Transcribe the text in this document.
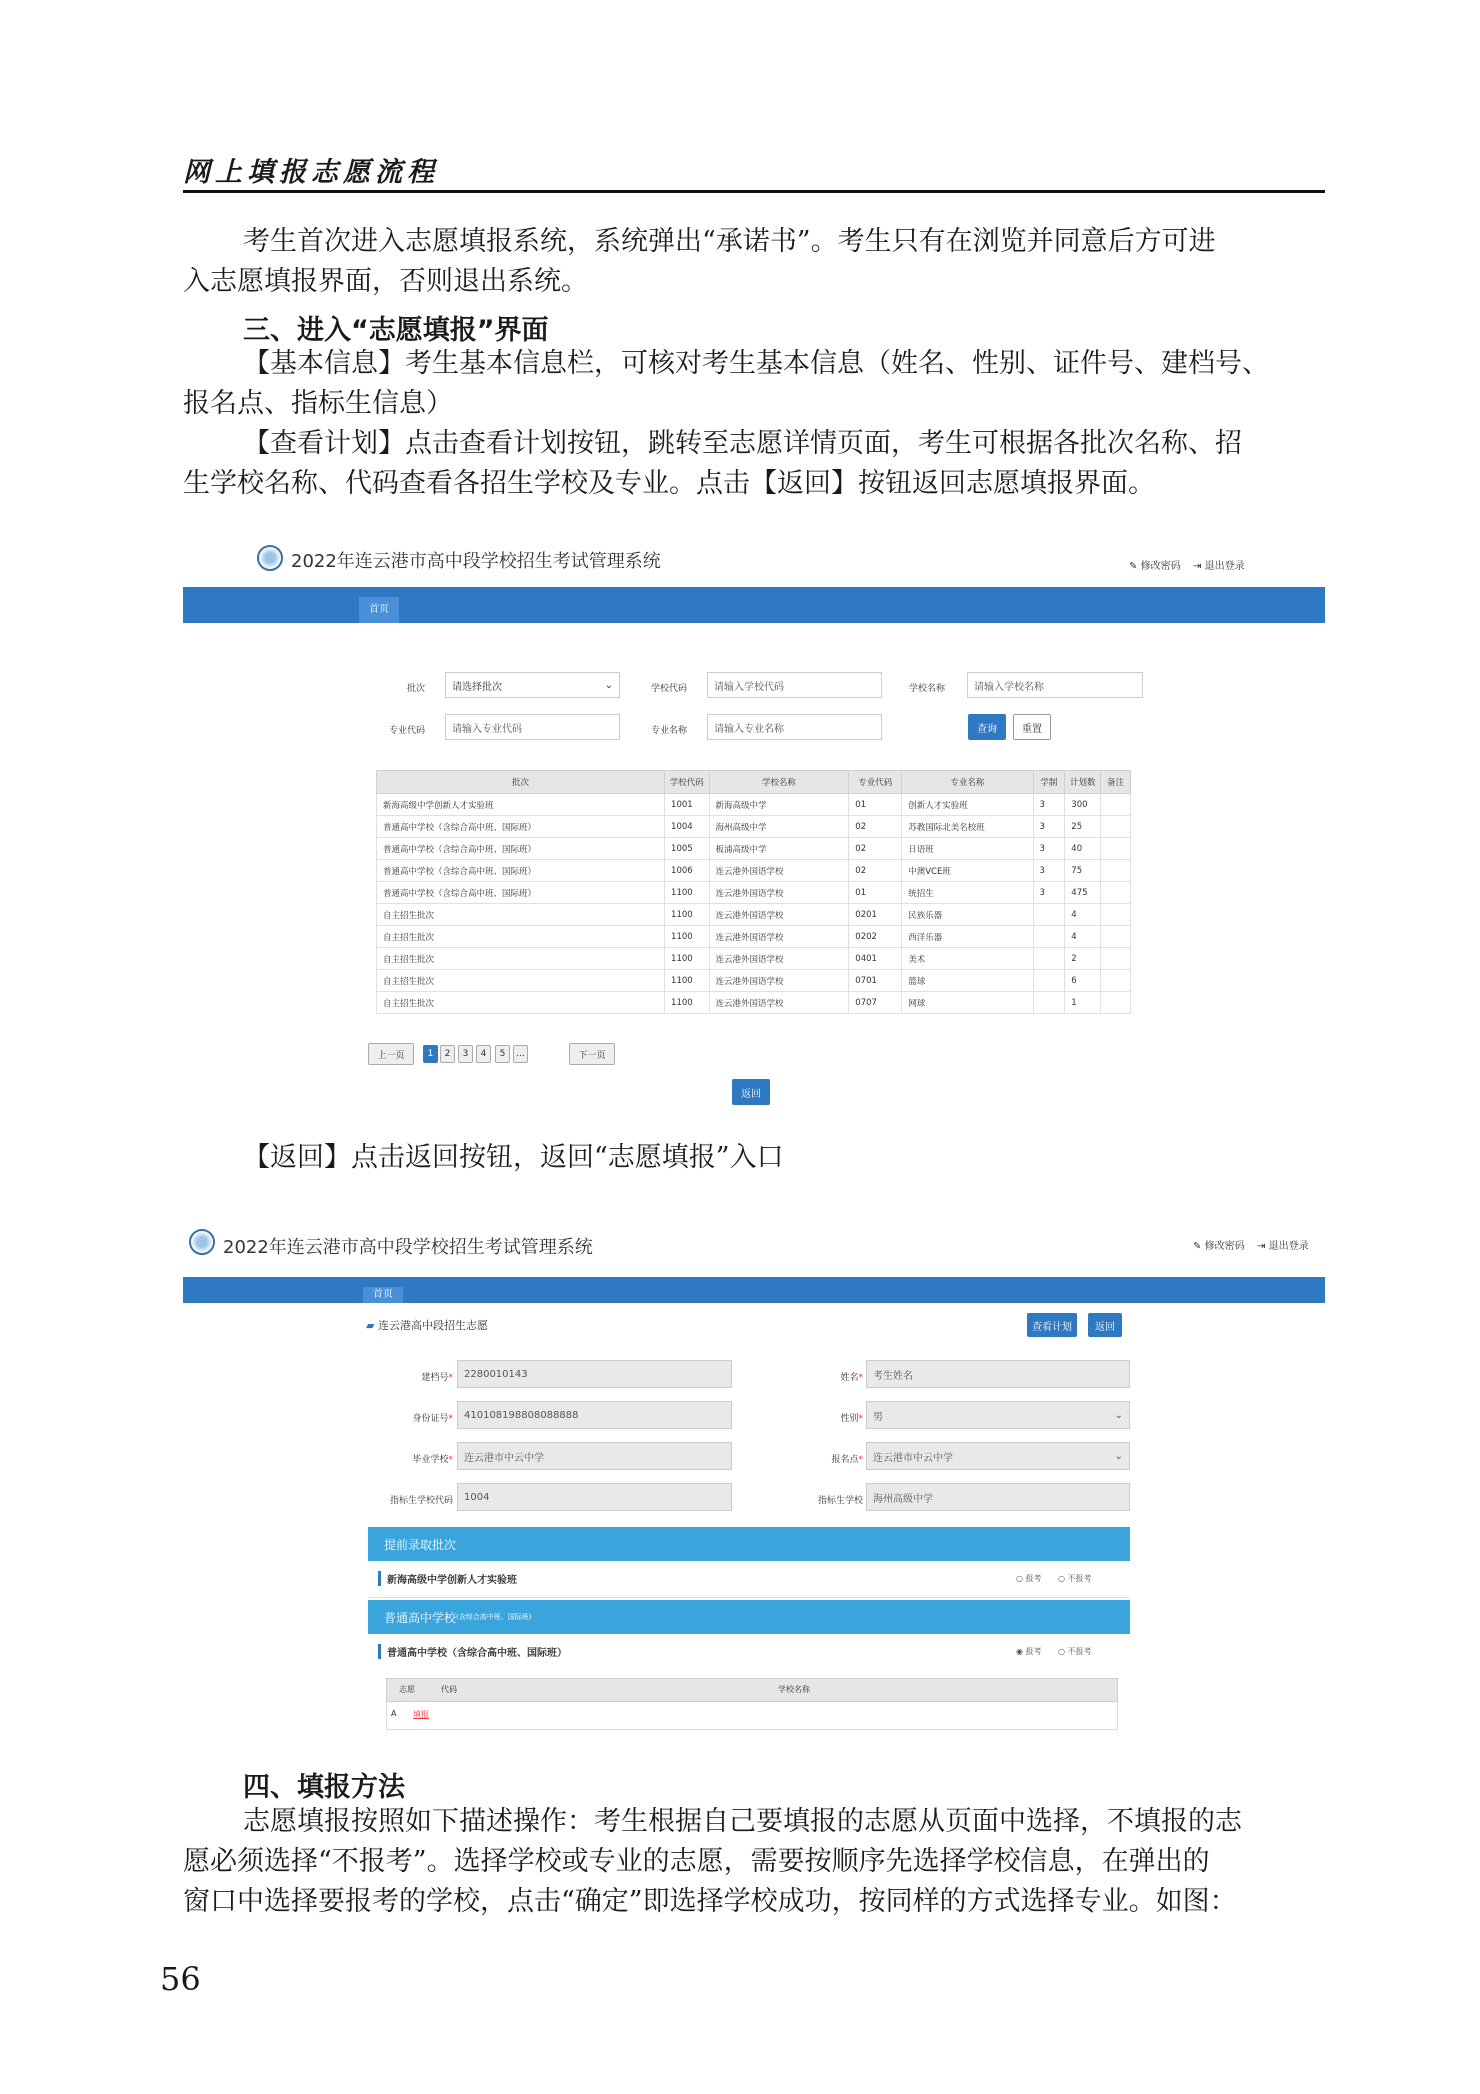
网上填报志愿流程
考生首次进入志愿填报系统，系统弹出“承诺书”。考生只有在浏览并同意后方可进
入志愿填报界面，否则退出系统。
三、进入“志愿填报”界面
【基本信息】考生基本信息栏，可核对考生基本信息（姓名、性别、证件号、建档号、
报名点、指标生信息）
【查看计划】点击查看计划按钮，跳转至志愿详情页面，考生可根据各批次名称、招
生学校名称、代码查看各招生学校及专业。点击【返回】按钮返回志愿填报界面。
2022年连云港市高中段学校招生考试管理系统	✎ 修改密码 ⇥ 退出登录
首页
批次	请选择批次	⌄	学校代码	请输入学校代码	学校名称	请输入学校名称
专业代码	请输入专业代码	专业名称	请输入专业名称	查询	重置
批次	学校代码	学校名称	专业代码	专业名称	学制	计划数	备注
新海高级中学创新人才实验班	1001	新海高级中学	01	创新人才实验班	3	300	
普通高中学校（含综合高中班、国际班）	1004	海州高级中学	02	苏教国际北美名校班	3	25	
普通高中学校（含综合高中班、国际班）	1005	板浦高级中学	02	日语班	3	40	
普通高中学校（含综合高中班、国际班）	1006	连云港外国语学校	02	中澳VCE班	3	75	
普通高中学校（含综合高中班、国际班）	1100	连云港外国语学校	01	统招生	3	475	
自主招生批次	1100	连云港外国语学校	0201	民族乐器		4	
自主招生批次	1100	连云港外国语学校	0202	西洋乐器		4	
自主招生批次	1100	连云港外国语学校	0401	美术		2	
自主招生批次	1100	连云港外国语学校	0701	篮球		6	
自主招生批次	1100	连云港外国语学校	0707	网球		1	
上一页	1	2	3	4	5	...	下一页
返回
【返回】点击返回按钮，返回“志愿填报”入口
2022年连云港市高中段学校招生考试管理系统	✎ 修改密码 ⇥ 退出登录
首页
▰ 连云港高中段招生志愿	查看计划	返回
建档号*	2280010143	姓名*	考生姓名
身份证号*	410108198808088888	性别* 男	⌄
毕业学校*	连云港市中云中学	报名点* 连云港市中云中学	⌄
指标生学校代码	1004	指标生学校	海州高级中学
提前录取批次
新海高级中学创新人才实验班	○ 报考 ○ 不报考
普通高中学校 (含综合高中班、国际班)
普通高中学校（含综合高中班、国际班）	◉ 报考 ○ 不报考
志愿	代码	学校名称
A 填报
四、填报方法
志愿填报按照如下描述操作：考生根据自己要填报的志愿从页面中选择，不填报的志
愿必须选择“不报考”。选择学校或专业的志愿，需要按顺序先选择学校信息，在弹出的
窗口中选择要报考的学校，点击“确定”即选择学校成功，按同样的方式选择专业。如图：
56
